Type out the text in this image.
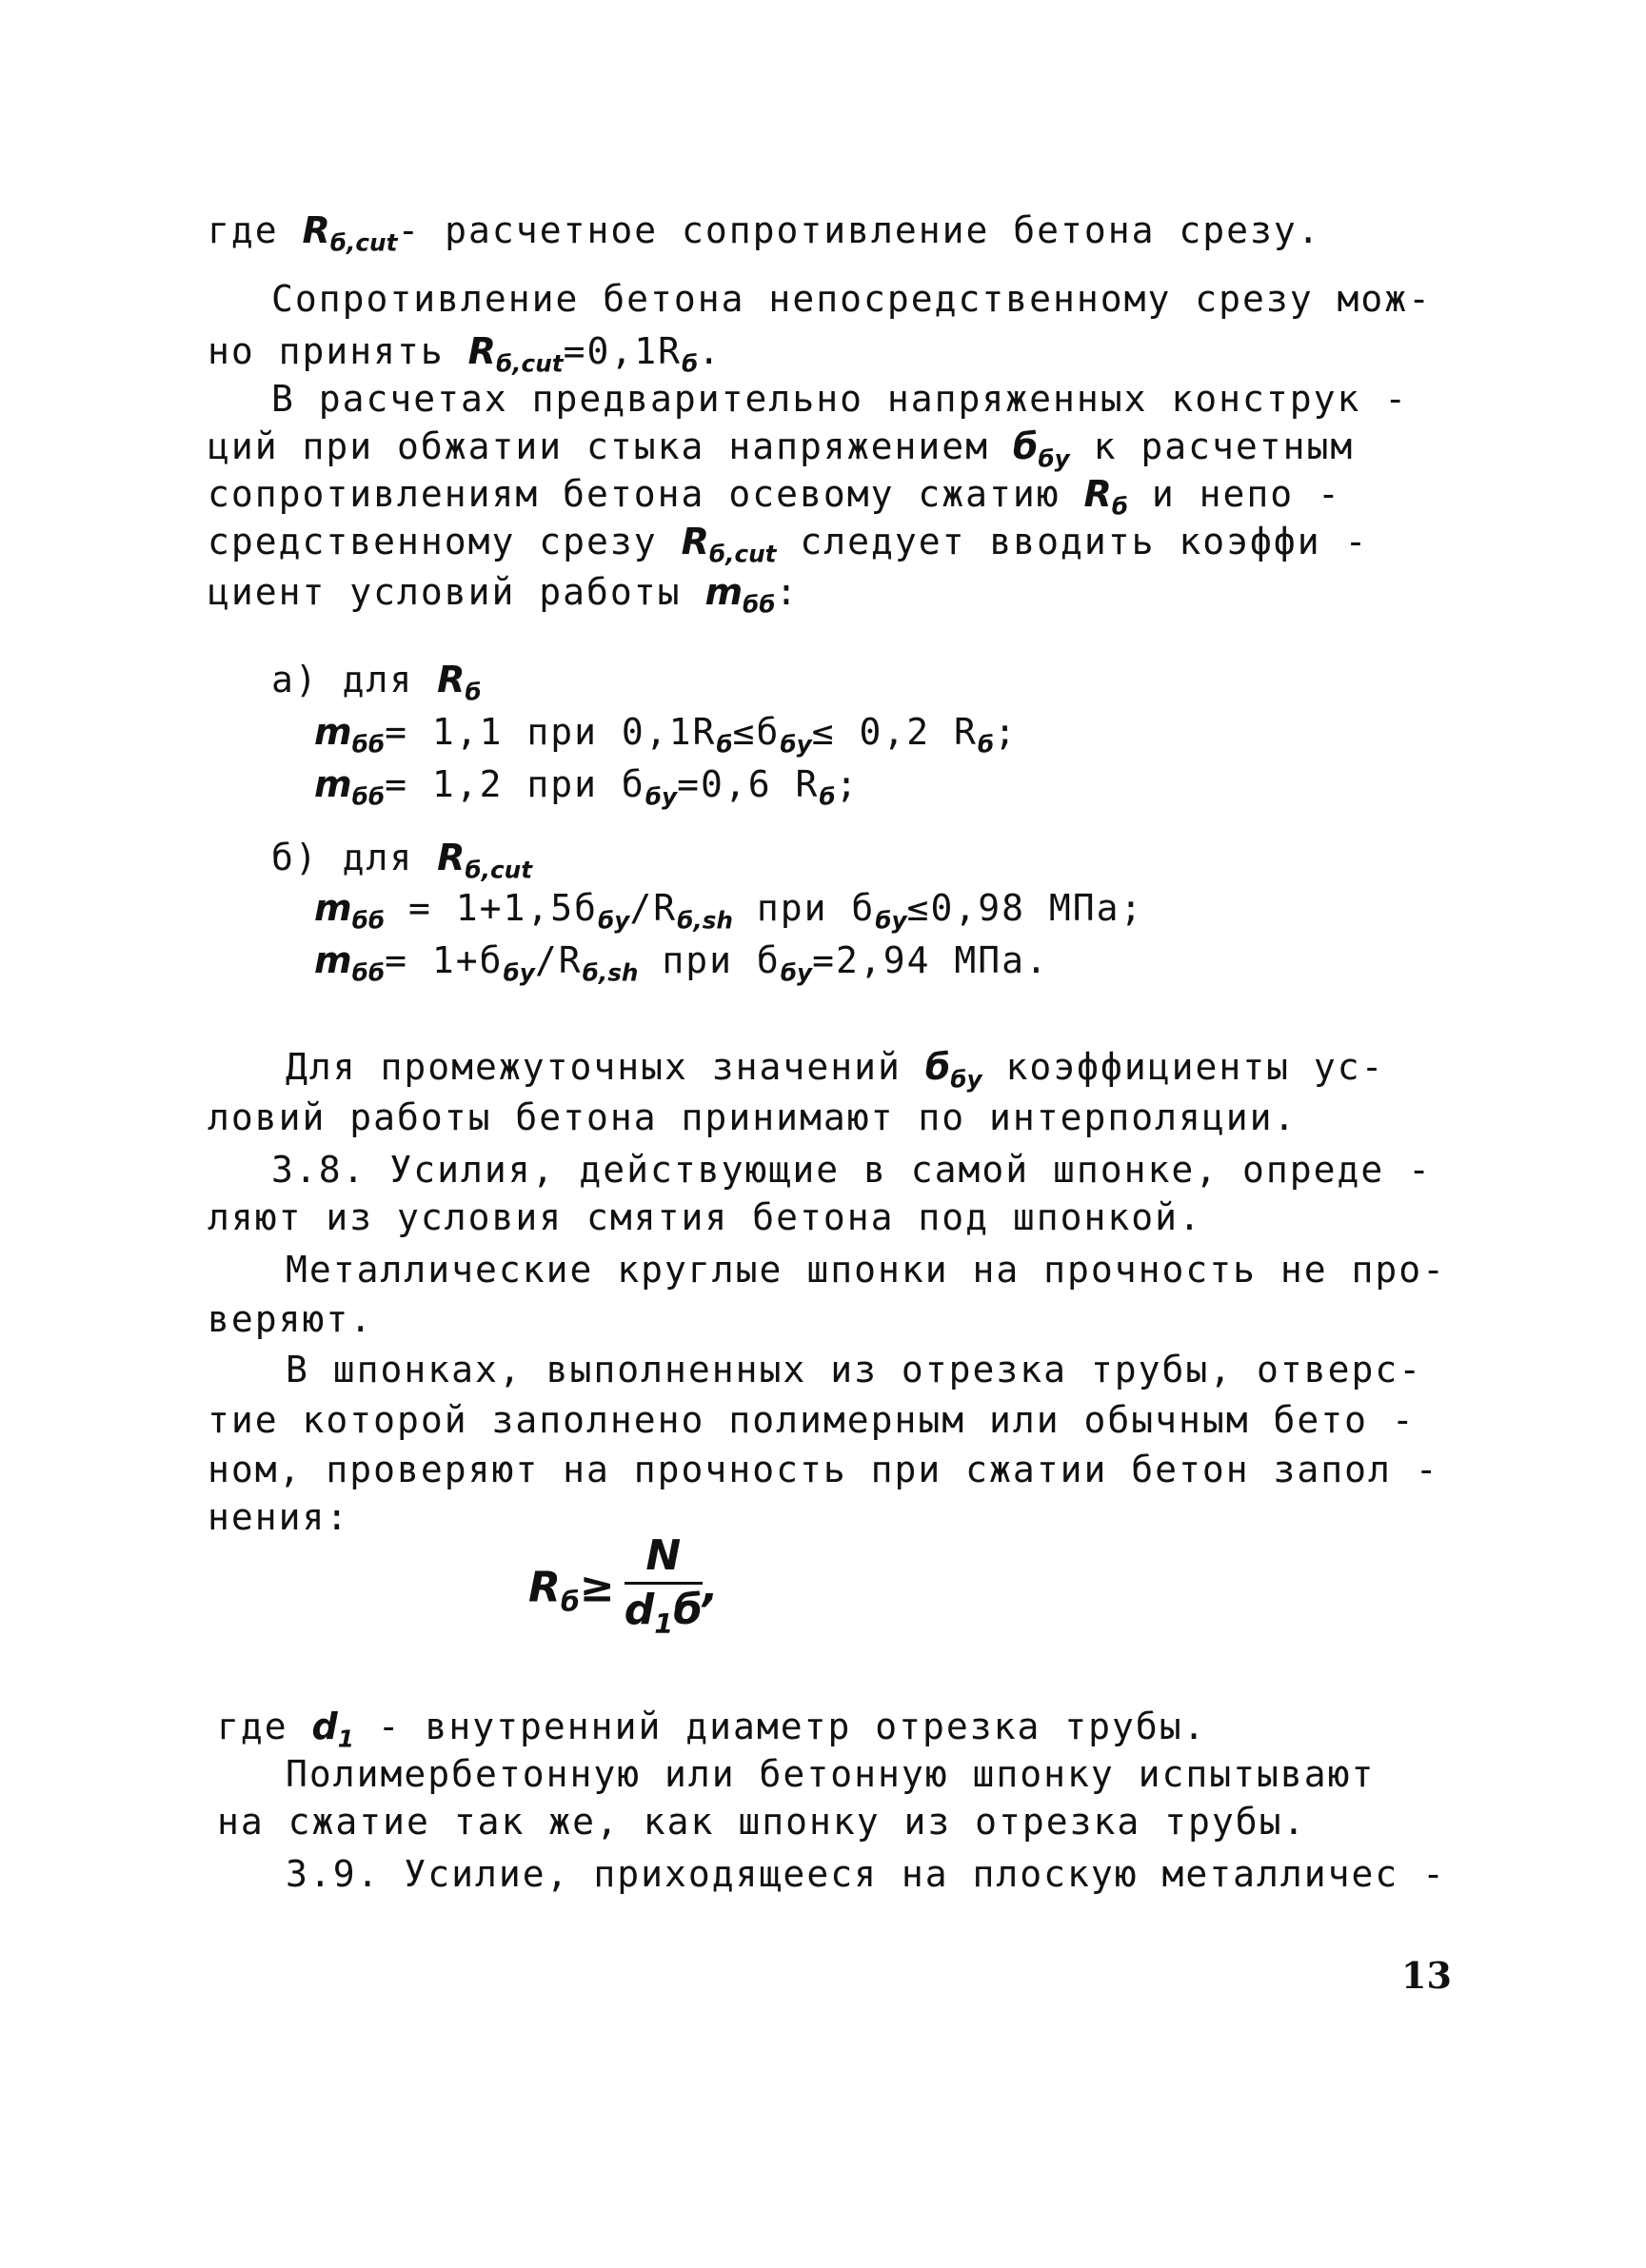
где $R_{б,cut}-$ расчетное сопротивление бетона срезу.
Сопротивление бетона непосредственному срезу мож-
но принять $R_{б,cut}=0,1R_б$.
В расчетах предварительно напряженных конструк -
ций при обжатии стыка напряжением $б_{бу}$ к расчетным
сопротивлениям бетона осевому сжатию $R_б$ и непо -
средственному срезу $R_{б,cut}$ следует вводить коэффи -
циент условий работы $m_{бб}$:
а) для $R_б$
$m_{бб}= 1,1$ при $0,1R_б\le б_{бу}\le 0,2$ $R_б$;
$m_{бб}= 1,2$ при $б_{бу}=0,6$ $R_б$;
б) для $R_{б,cut}$
$m_{бб} = 1+1,5б_{бу}/R_{б,sh}$ при $б_{бу}\le 0,98$ МПа;
$m_{бб}= 1+б_{бу}/R_{б,sh}$ при $б_{бу}=2,94$ МПа.
Для промежуточных значений $б_{бу}$ коэффициенты ус-
ловий работы бетона принимают по интерполяции.
3.8. Усилия, действующие в самой шпонке, опреде -
ляют из условия смятия бетона под шпонкой.
Металлические круглые шпонки на прочность не про-
веряют.
В шпонках, выполненных из отрезка трубы, отверс-
тие которой заполнено полимерным или обычным бето -
ном, проверяют на прочность при сжатии бетон запол -
нения:
где $d_1$ - внутренний диаметр отрезка трубы.
Полимербетонную или бетонную шпонку испытывают
на сжатие так же, как шпонку из отрезка трубы.
3.9. Усилие, приходящееся на плоскую металличес -
$R_б\ge \frac{N}{d_1б}$ ,
13
